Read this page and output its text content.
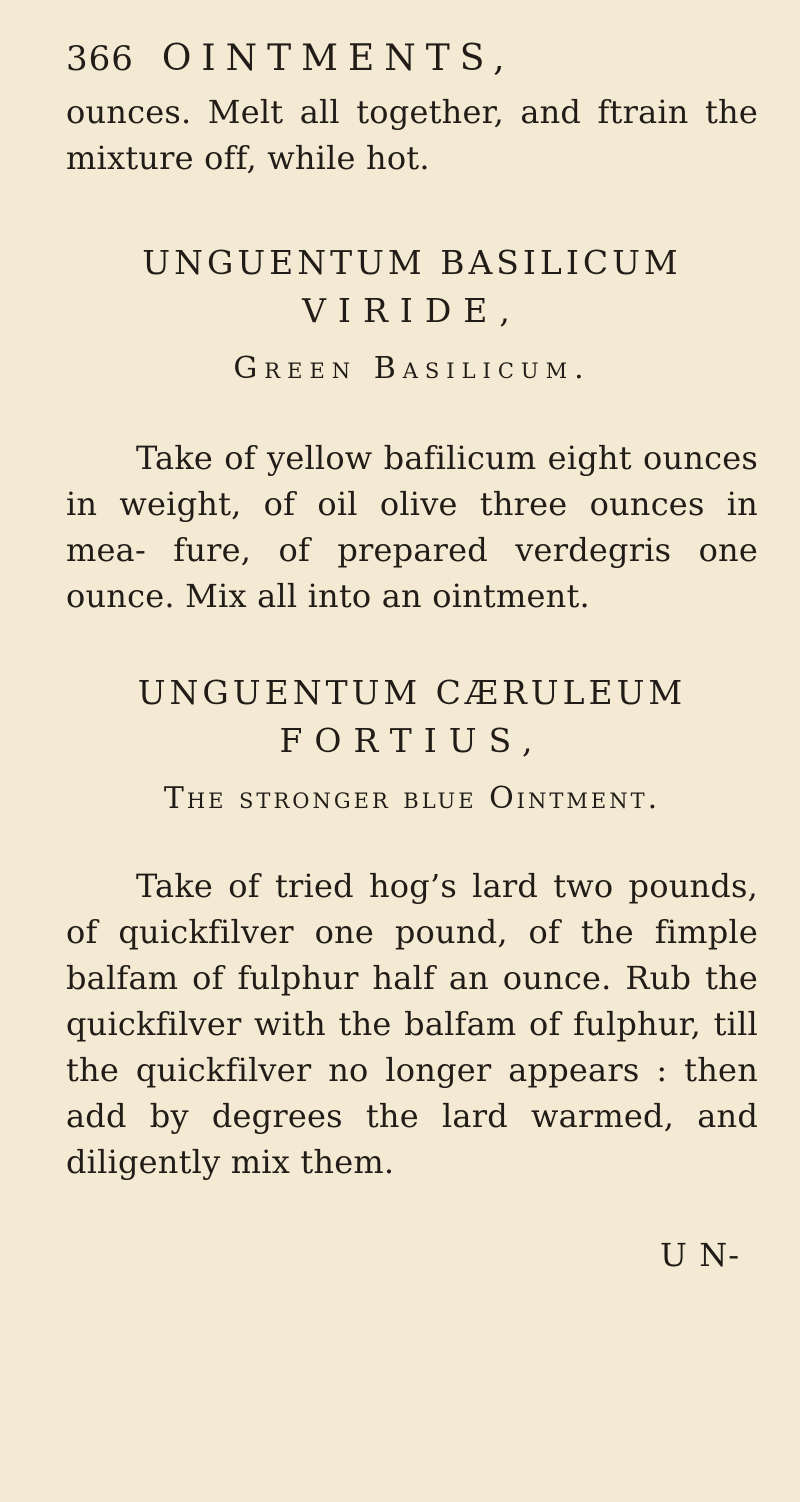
366 OINTMENTS,

ounces. Melt all together, and ftrain the mixture off, while hot.

UNGUENTUM BASILICUM

VIRIDE,

Green Basilicum.

Take of yellow bafilicum eight ounces in weight, of oil olive three ounces in mea- fure, of prepared verdegris one ounce. Mix all into an ointment.

UNGUENTUM CÆRULEUM

FORTIUS,

The stronger blue Ointment.

Take of tried hog’s lard two pounds, of quickfilver one pound, of the fimple balfam of fulphur half an ounce. Rub the quickfilver with the balfam of fulphur, till the quickfilver no longer appears : then add by degrees the lard warmed, and diligently mix them.

U N-
